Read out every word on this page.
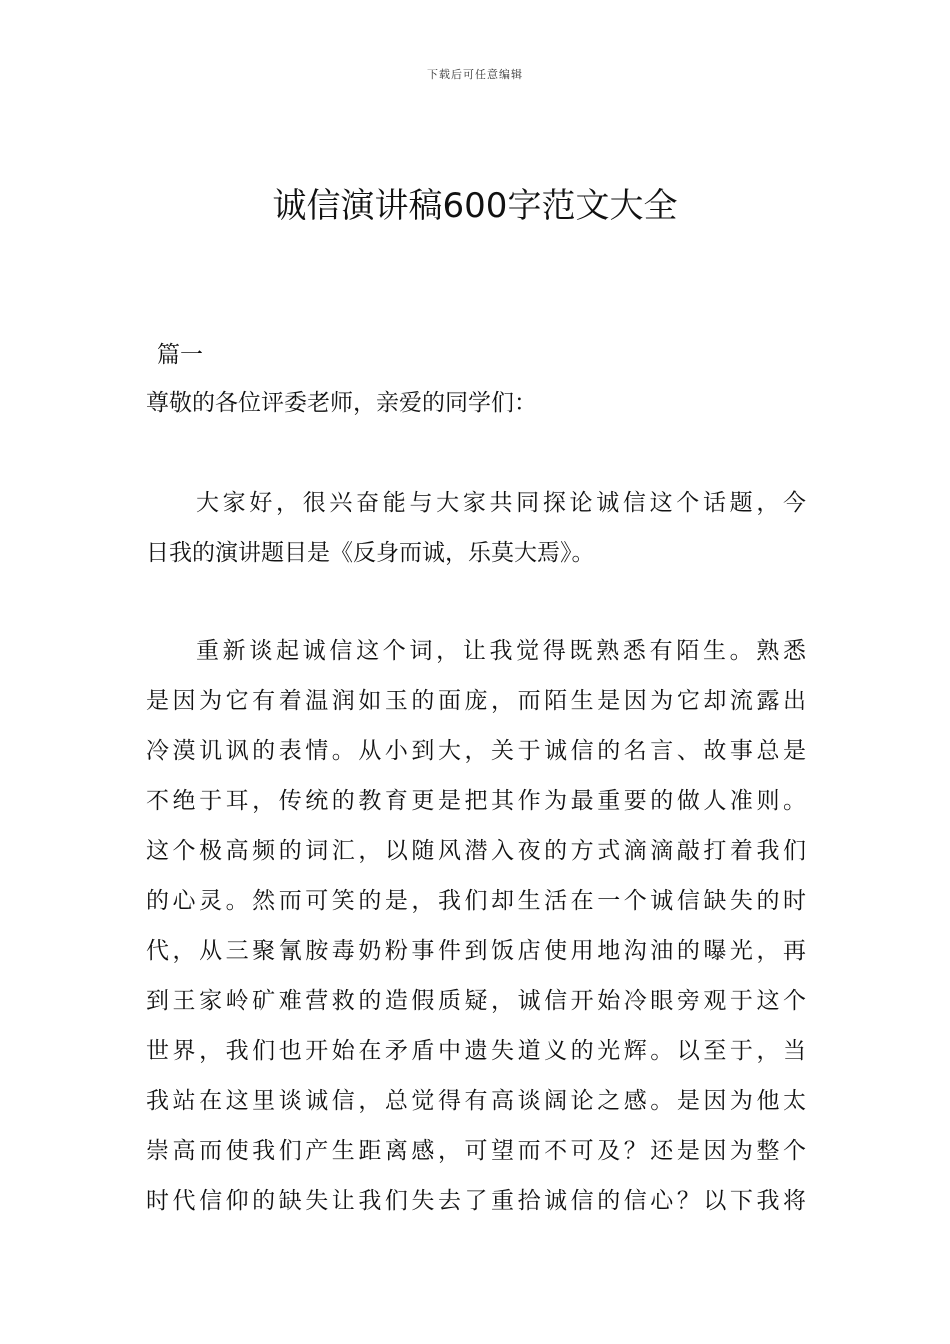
下载后可任意编辑
诚信演讲稿600字范文大全

篇一

尊敬的各位评委老师，亲爱的同学们：

大家好，很兴奋能与大家共同探论诚信这个话题，今
日我的演讲题目是《反身而诚，乐莫大焉》。

重新谈起诚信这个词，让我觉得既熟悉有陌生。熟悉
是因为它有着温润如玉的面庞，而陌生是因为它却流露出
冷漠讥讽的表情。从小到大，关于诚信的名言、故事总是
不绝于耳，传统的教育更是把其作为最重要的做人准则。
这个极高频的词汇，以随风潜入夜的方式滴滴敲打着我们
的心灵。然而可笑的是，我们却生活在一个诚信缺失的时
代，从三聚氰胺毒奶粉事件到饭店使用地沟油的曝光，再
到王家岭矿难营救的造假质疑，诚信开始冷眼旁观于这个
世界，我们也开始在矛盾中遗失道义的光辉。以至于，当
我站在这里谈诚信，总觉得有高谈阔论之感。是因为他太
崇高而使我们产生距离感，可望而不可及？还是因为整个
时代信仰的缺失让我们失去了重拾诚信的信心？以下我将
